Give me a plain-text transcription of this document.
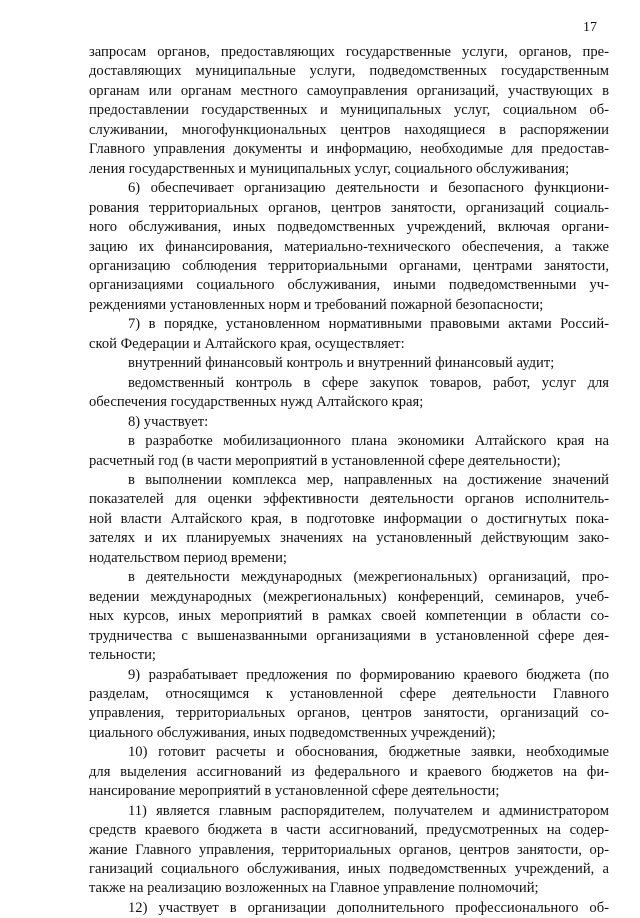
17
запросам органов, предоставляющих государственные услуги, органов, пре-
доставляющих муниципальные услуги, подведомственных государственным
органам или органам местного самоуправления организаций, участвующих в
предоставлении государственных и муниципальных услуг, социальном об-
служивании, многофункциональных центров находящиеся в распоряжении
Главного управления документы и информацию, необходимые для предостав-
ления государственных и муниципальных услуг, социального обслуживания;
6) обеспечивает организацию деятельности и безопасного функциони-
рования территориальных органов, центров занятости, организаций социаль-
ного обслуживания, иных подведомственных учреждений, включая органи-
зацию их финансирования, материально-технического обеспечения, а также
организацию соблюдения территориальными органами, центрами занятости,
организациями социального обслуживания, иными подведомственными уч-
реждениями установленных норм и требований пожарной безопасности;
7) в порядке, установленном нормативными правовыми актами Россий-
ской Федерации и Алтайского края, осуществляет:
внутренний финансовый контроль и внутренний финансовый аудит;
ведомственный контроль в сфере закупок товаров, работ, услуг для
обеспечения государственных нужд Алтайского края;
8) участвует:
в разработке мобилизационного плана экономики Алтайского края на
расчетный год (в части мероприятий в установленной сфере деятельности);
в выполнении комплекса мер, направленных на достижение значений
показателей для оценки эффективности деятельности органов исполнитель-
ной власти Алтайского края, в подготовке информации о достигнутых пока-
зателях и их планируемых значениях на установленный действующим зако-
нодательством период времени;
в деятельности международных (межрегиональных) организаций, про-
ведении международных (межрегиональных) конференций, семинаров, учеб-
ных курсов, иных мероприятий в рамках своей компетенции в области со-
трудничества с вышеназванными организациями в установленной сфере дея-
тельности;
9) разрабатывает предложения по формированию краевого бюджета (по
разделам, относящимся к установленной сфере деятельности Главного
управления, территориальных органов, центров занятости, организаций со-
циального обслуживания, иных подведомственных учреждений);
10) готовит расчеты и обоснования, бюджетные заявки, необходимые
для выделения ассигнований из федерального и краевого бюджетов на фи-
нансирование мероприятий в установленной сфере деятельности;
11) является главным распорядителем, получателем и администратором
средств краевого бюджета в части ассигнований, предусмотренных на содер-
жание Главного управления, территориальных органов, центров занятости, ор-
ганизаций социального обслуживания, иных подведомственных учреждений, а
также на реализацию возложенных на Главное управление полномочий;
12) участвует в организации дополнительного профессионального об-
